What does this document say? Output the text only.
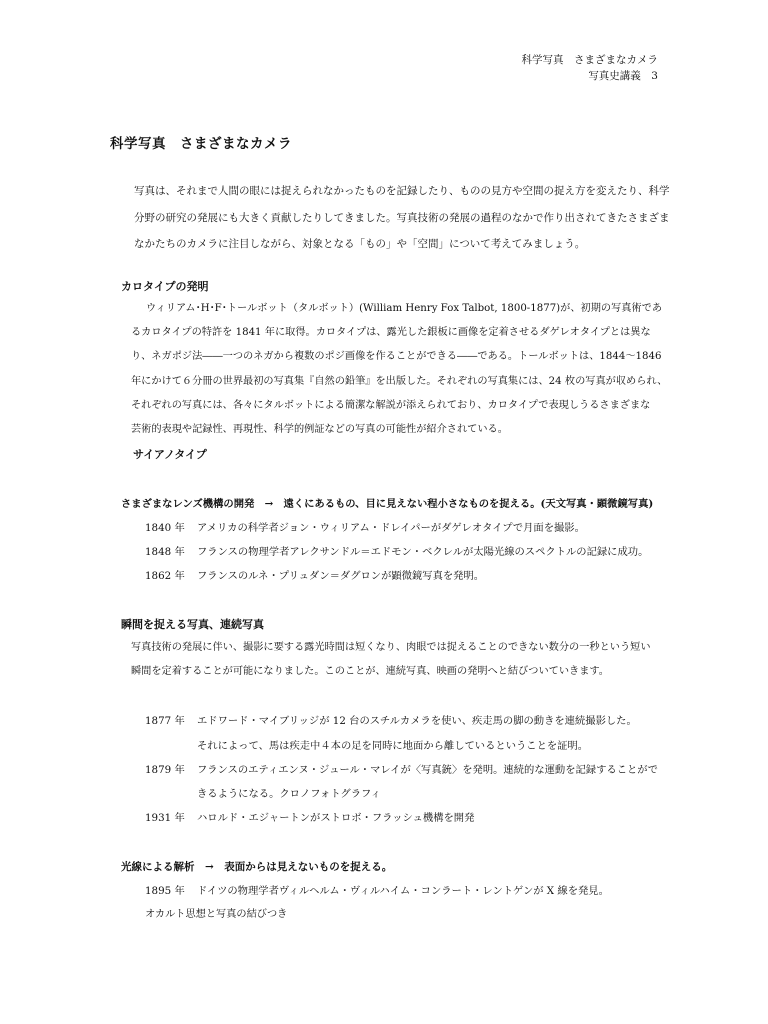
科学写真　さまざまなカメラ
写真史講義　3
科学写真　さまざまなカメラ

写真は、それまで人間の眼には捉えられなかったものを記録したり、ものの見方や空間の捉え方を変えたり、科学
分野の研究の発展にも大きく貢献したりしてきました。写真技術の発展の過程のなかで作り出されてきたさまざま
なかたちのカメラに注目しながら、対象となる「もの」や「空間」について考えてみましょう。

カロタイプの発明
ウィリアム･H･F･トールボット（タルボット）(William Henry Fox Talbot, 1800-1877)が、初期の写真術であ
るカロタイプの特許を 1841 年に取得。カロタイプは、露光した銀板に画像を定着させるダゲレオタイプとは異な
り、ネガポジ法――一つのネガから複数のポジ画像を作ることができる――である。トールボットは、1844～1846
年にかけて６分冊の世界最初の写真集『自然の鉛筆』を出版した。それぞれの写真集には、24 枚の写真が収められ、
それぞれの写真には、各々にタルボットによる簡潔な解説が添えられており、カロタイプで表現しうるさまざまな
芸術的表現や記録性、再現性、科学的例証などの写真の可能性が紹介されている。
サイアノタイプ
さまざまなレンズ機構の開発　→　遠くにあるもの、目に見えない程小さなものを捉える。(天文写真・顕微鏡写真)
1840 年 アメリカの科学者ジョン・ウィリアム・ドレイパーがダゲレオタイプで月面を撮影。
1848 年 フランスの物理学者アレクサンドル＝エドモン・ベクレルが太陽光線のスペクトルの記録に成功。
1862 年 フランスのルネ・プリュダン＝ダグロンが顕微鏡写真を発明。
瞬間を捉える写真、連続写真
写真技術の発展に伴い、撮影に要する露光時間は短くなり、肉眼では捉えることのできない数分の一秒という短い
瞬間を定着することが可能になりました。このことが、連続写真、映画の発明へと結びついていきます。
1877 年 エドワード・マイブリッジが 12 台のスチルカメラを使い、疾走馬の脚の動きを連続撮影した。
それによって、馬は疾走中４本の足を同時に地面から離しているということを証明。
1879 年 フランスのエティエンヌ・ジュール・マレイが〈写真銃〉を発明。連続的な運動を記録することがで
きるようになる。クロノフォトグラフィ
1931 年 ハロルド・エジャートンがストロボ・フラッシュ機構を開発
光線による解析　→　表面からは見えないものを捉える。
1895 年 ドイツの物理学者ヴィルヘルム・ヴィルハイム・コンラート・レントゲンが X 線を発見。
オカルト思想と写真の結びつき
